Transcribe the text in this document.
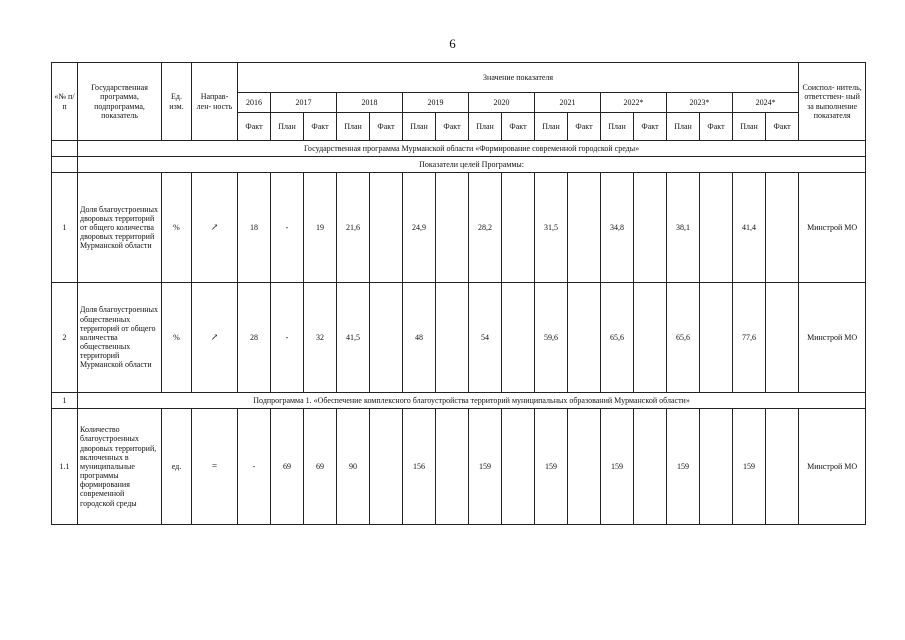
6
«№ п/п	Государственная программа, подпрограмма, показатель	Ед. изм.	Направ- лен- ность	Значение показателя																	Соиспол- нитель, ответствен- ный за выполнение показателя
				2016	2017		2018		2019		2020		2021		2022*		2023*		2024*		
				Факт	План	Факт	План	Факт	План	Факт	План	Факт	План	Факт	План	Факт	План	Факт	План	Факт	
	Государственная программа Мурманской области «Формирование современной городской среды»																				
	Показатели целей Программы:																				
1	Доля благоустроенных дворовых территорий от общего количества дворовых территорий Мурманской области	%	↗	18	-	19	21,6		24,9		28,2		31,5		34,8		38,1		41,4		Минстрой МО
2	Доля благоустроенных общественных территорий от общего количества общественных территорий Мурманской области	%	↗	28	-	32	41,5		48		54		59,6		65,6		65,6		77,6		Минстрой МО
1	Подпрограмма 1. «Обеспечение комплексного благоустройства территорий муниципальных образований Мурманской области»																				
1.1	Количество благоустроенных дворовых территорий, включенных в муниципальные программы формирования современной городской среды	ед.	=	-	69	69	90		156		159		159		159		159		159		Минстрой МО
